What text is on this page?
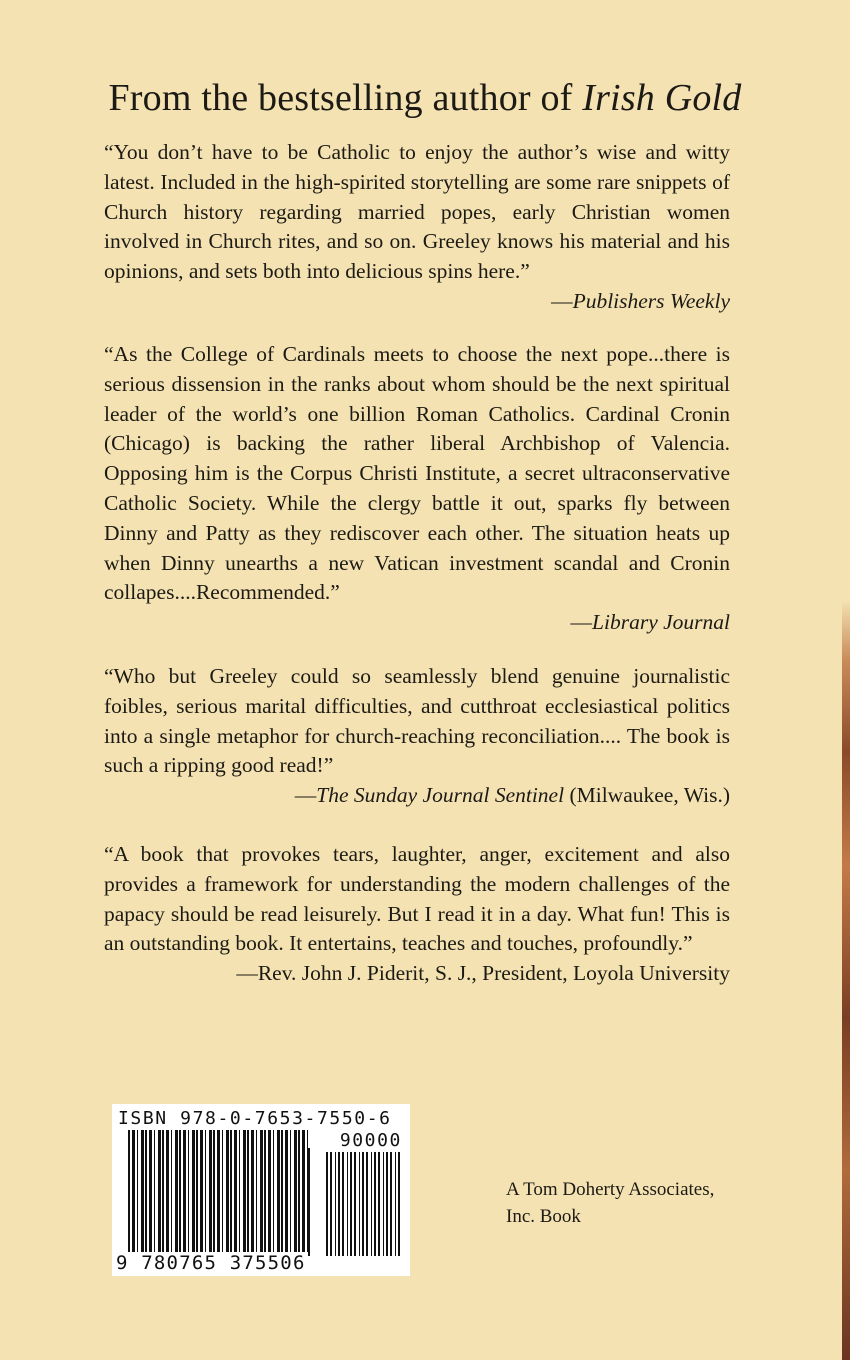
From the bestselling author of Irish Gold

“You don’t have to be Catholic to enjoy the author’s wise and witty latest. Included in the high-spirited storytelling are some rare snippets of Church history regarding married popes, early Christian women involved in Church rites, and so on. Greeley knows his material and his opinions, and sets both into delicious spins here.”

—Publishers Weekly

“As the College of Cardinals meets to choose the next pope...there is serious dissension in the ranks about whom should be the next spiritual leader of the world’s one billion Roman Catholics. Cardinal Cronin (Chicago) is backing the rather liberal Archbishop of Valencia. Opposing him is the Corpus Christi Institute, a secret ultraconservative Catholic Society. While the clergy battle it out, sparks fly between Dinny and Patty as they rediscover each other. The situation heats up when Dinny unearths a new Vatican investment scandal and Cronin collapes....Recommended.”

—Library Journal

“Who but Greeley could so seamlessly blend genuine journalistic foibles, serious marital difficulties, and cutthroat ecclesiastical politics into a single metaphor for church-reaching reconciliation.... The book is such a ripping good read!”

—The Sunday Journal Sentinel (Milwaukee, Wis.)

“A book that provokes tears, laughter, anger, excitement and also provides a framework for understanding the modern challenges of the papacy should be read leisurely. But I read it in a day. What fun! This is an outstanding book. It entertains, teaches and touches, profoundly.”

—Rev. John J. Piderit, S. J., President, Loyola University
ISBN 978-0-7653-7550-6
90000
9 780765 375506
A Tom Doherty Associates,
Inc. Book
